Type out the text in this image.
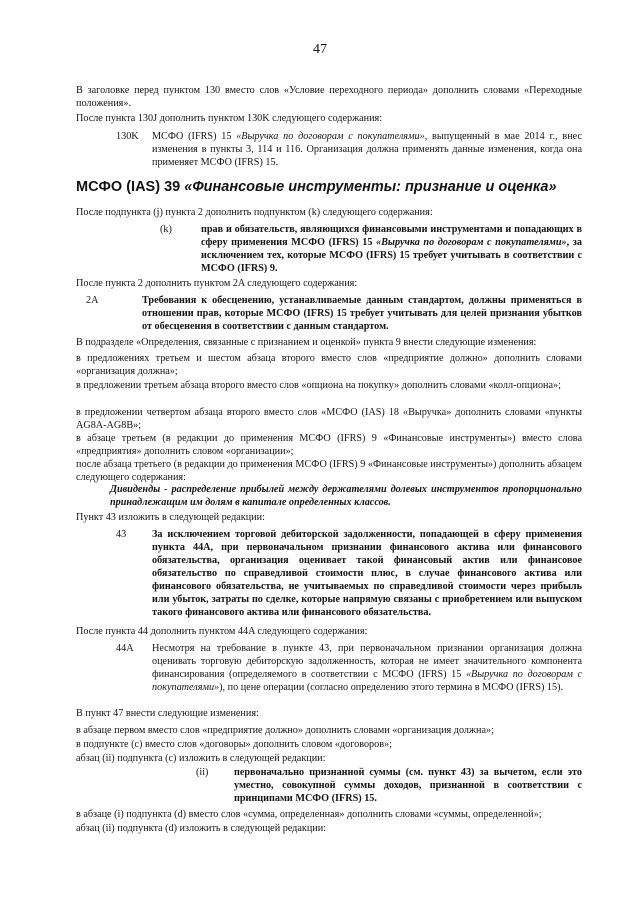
47
В заголовке перед пунктом 130 вместо слов «Условие переходного периода» дополнить словами «Переходные положения».
После пункта 130J дополнить пунктом 130K следующего содержания:
130K МСФО (IFRS) 15 «Выручка по договорам с покупателями», выпущенный в мае 2014 г., внес изменения в пункты 3, 114 и 116. Организация должна применять данные изменения, когда она применяет МСФО (IFRS) 15.
МСФО (IAS) 39 «Финансовые инструменты: признание и оценка»
После подпункта (j) пункта 2 дополнить подпунктом (k) следующего содержания:
(k)	прав и обязательств, являющихся финансовыми инструментами и попадающих в сферу применения МСФО (IFRS) 15 «Выручка по договорам с покупателями», за исключением тех, которые МСФО (IFRS) 15 требует учитывать в соответствии с МСФО (IFRS) 9.
После пункта 2 дополнить пунктом 2A следующего содержания:
2A	Требования к обесценению, устанавливаемые данным стандартом, должны применяться в отношении прав, которые МСФО (IFRS) 15 требует учитывать для целей признания убытков от обесценения в соответствии с данным стандартом.
В подразделе «Определения, связанные с признанием и оценкой» пункта 9 внести следующие изменения:
в предложениях третьем и шестом абзаца второго вместо слов «предприятие должно» дополнить словами «организация должна»;
в предложении третьем абзаца второго вместо слов «опциона на покупку» дополнить словами «колл-опциона»;
в предложении четвертом абзаца второго вместо слов «МСФО (IAS) 18 «Выручка» дополнить словами «пункты AG8A-AG8B»;
в абзаце третьем (в редакции до применения МСФО (IFRS) 9 «Финансовые инструменты») вместо слова «предприятия» дополнить словом «организации»;
после абзаца третьего (в редакции до применения МСФО (IFRS) 9 «Финансовые инструменты») дополнить абзацем следующего содержания:
Дивиденды - распределение прибылей между держателями долевых инструментов пропорционально принадлежащим им долям в капитале определенных классов.
Пункт 43 изложить в следующей редакции:
43	За исключением торговой дебиторской задолженности, попадающей в сферу применения пункта 44A, при первоначальном признании финансового актива или финансового обязательства, организация оценивает такой финансовый актив или финансовое обязательство по справедливой стоимости плюс, в случае финансового актива или финансового обязательства, не учитываемых по справедливой стоимости через прибыль или убыток, затраты по сделке, которые напрямую связаны с приобретением или выпуском такого финансового актива или финансового обязательства.
После пункта 44 дополнить пунктом 44A следующего содержания:
44A Несмотря на требование в пункте 43, при первоначальном признании организация должна оценивать торговую дебиторскую задолженность, которая не имеет значительного компонента финансирования (определяемого в соответствии с МСФО (IFRS) 15 «Выручка по договорам с покупателями»), по цене операции (согласно определению этого термина в МСФО (IFRS) 15).
В пункт 47 внести следующие изменения:
в абзаце первом вместо слов «предприятие должно» дополнить словами «организация должна»;
в подпункте (c) вместо слов «договоры» дополнить словом «договоров»;
абзац (ii) подпункта (c) изложить в следующей редакции:
(ii)	первоначально признанной суммы (см. пункт 43) за вычетом, если это уместно, совокупной суммы доходов, признанной в соответствии с принципами МСФО (IFRS) 15.
в абзаце (i) подпункта (d) вместо слов «сумма, определенная» дополнить словами «суммы, определенной»;
абзац (ii) подпункта (d) изложить в следующей редакции:
